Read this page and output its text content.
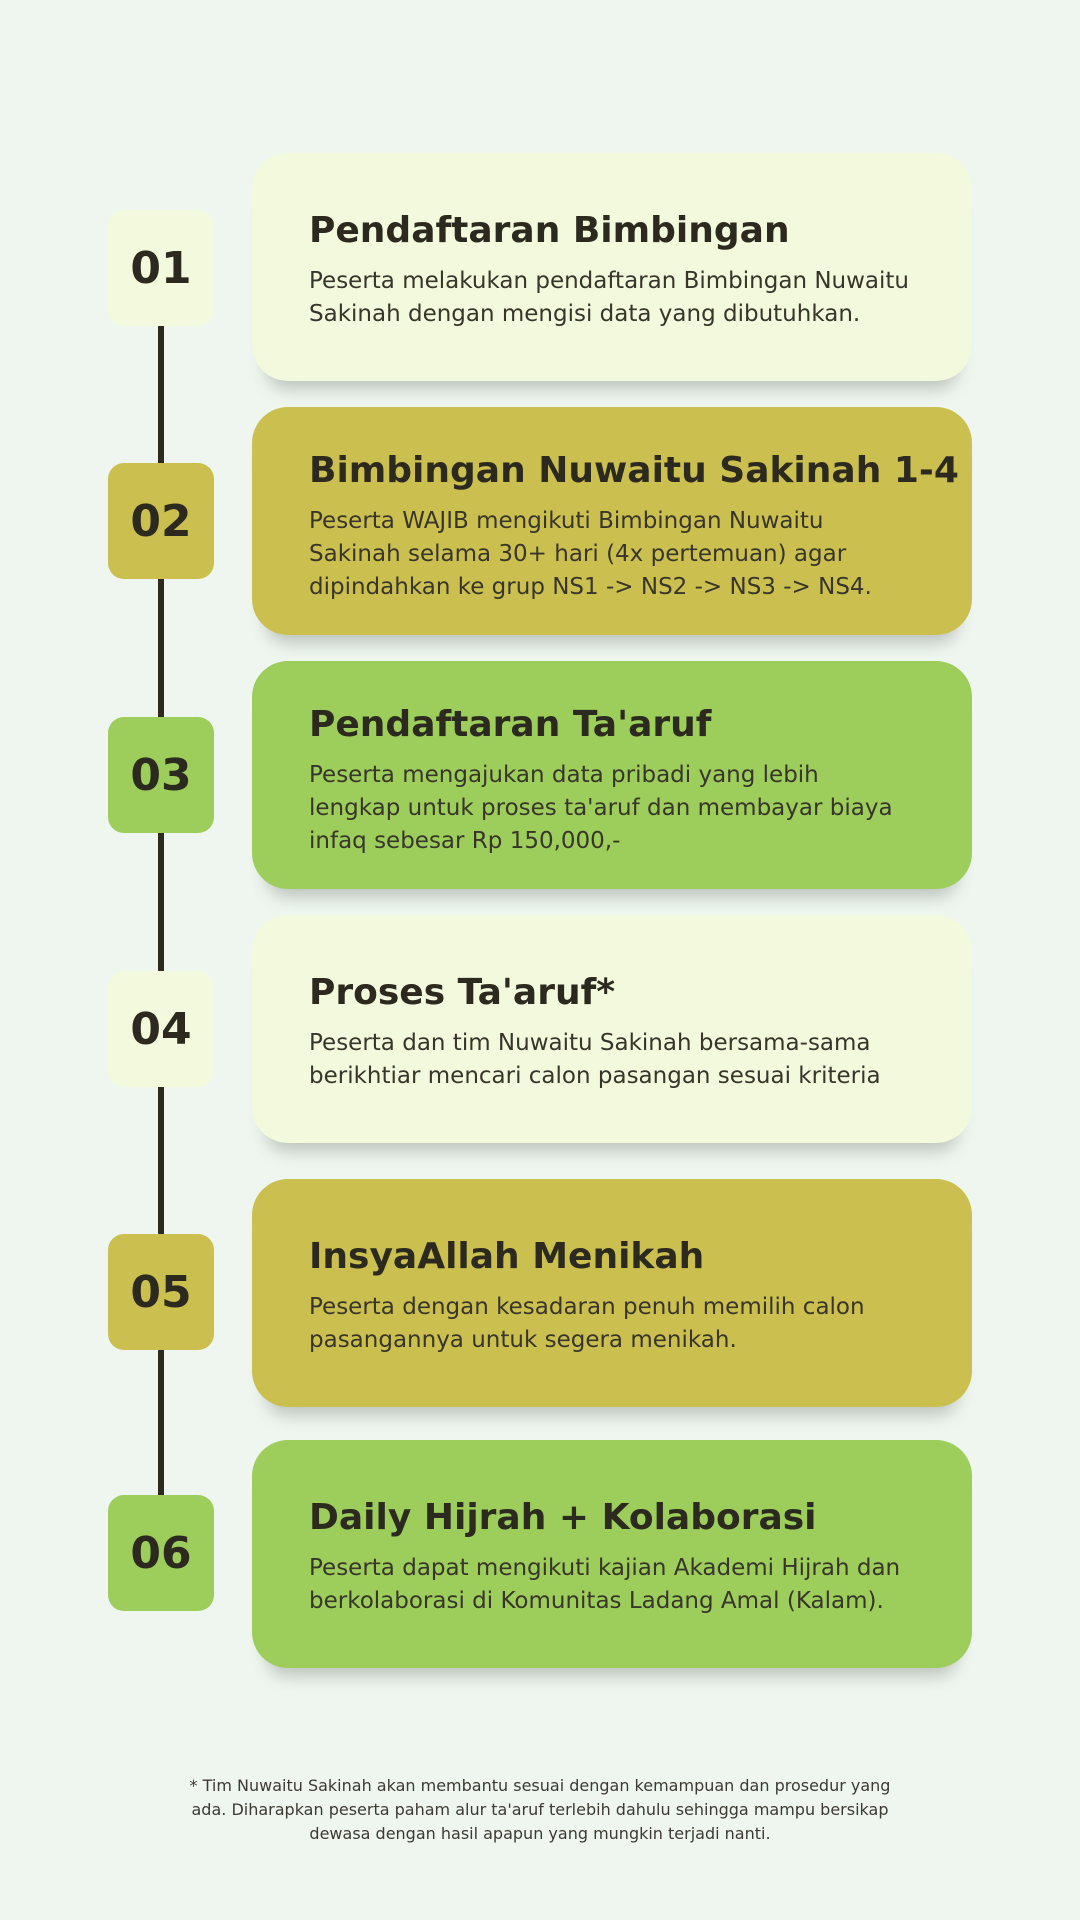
01
Pendaftaran Bimbingan
Peserta melakukan pendaftaran Bimbingan Nuwaitu Sakinah dengan mengisi data yang dibutuhkan.
02
Bimbingan Nuwaitu Sakinah 1-4
Peserta WAJIB mengikuti Bimbingan Nuwaitu Sakinah selama 30+ hari (4x pertemuan) agar dipindahkan ke grup NS1 -> NS2 -> NS3 -> NS4.
03
Pendaftaran Ta'aruf
Peserta mengajukan data pribadi yang lebih lengkap untuk proses ta'aruf dan membayar biaya infaq sebesar Rp 150,000,-
04
Proses Ta'aruf*
Peserta dan tim Nuwaitu Sakinah bersama-sama berikhtiar mencari calon pasangan sesuai kriteria
05
InsyaAllah Menikah
Peserta dengan kesadaran penuh memilih calon pasangannya untuk segera menikah.
06
Daily Hijrah + Kolaborasi
Peserta dapat mengikuti kajian Akademi Hijrah dan berkolaborasi di Komunitas Ladang Amal (Kalam).
* Tim Nuwaitu Sakinah akan membantu sesuai dengan kemampuan dan prosedur yang ada. Diharapkan peserta paham alur ta'aruf terlebih dahulu sehingga mampu bersikap dewasa dengan hasil apapun yang mungkin terjadi nanti.
